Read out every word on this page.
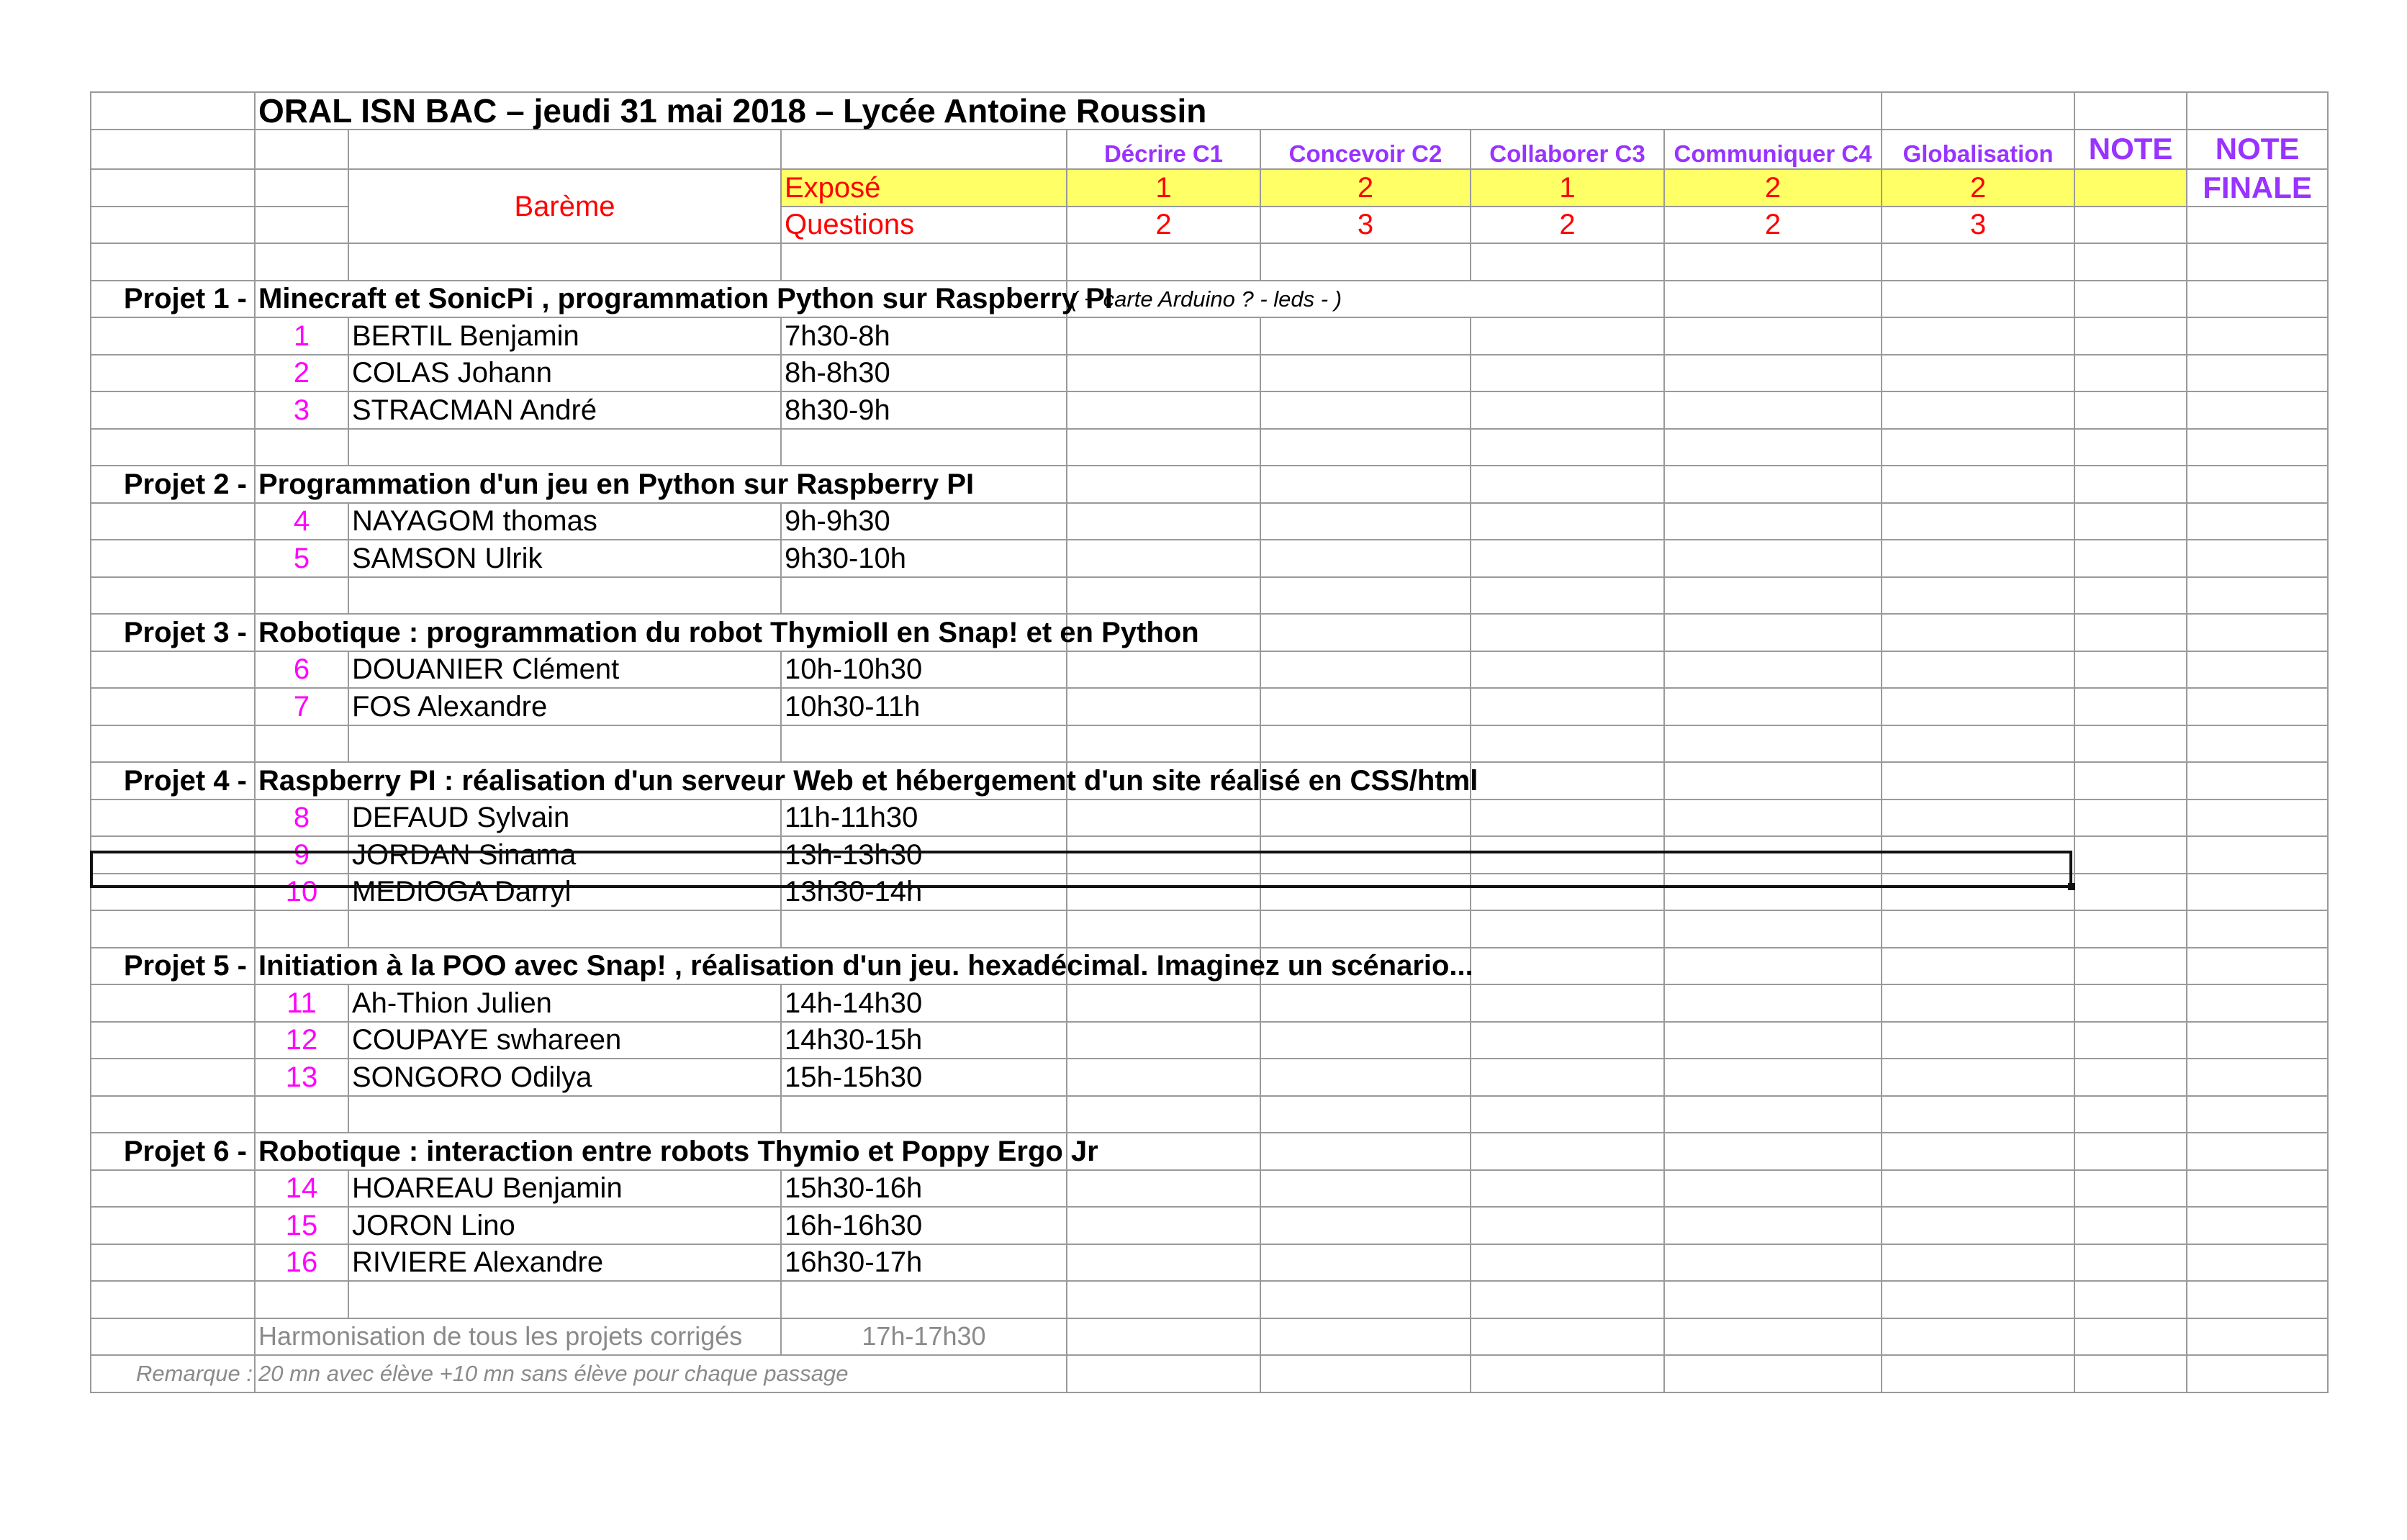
	ORAL ISN BAC – jeudi 31 mai 2018 – Lycée Antoine Roussin									
				Décrire C1	Concevoir C2	Collaborer C3	Communiquer C4	Globalisation	NOTE	NOTE
		Barème	Exposé	1	2	1	2	2		FINALE
			Questions	2	3	2	2	3		

Projet 1 -	Minecraft et SonicPi , programmation Python sur Raspberry PI			( + carte Arduino ? - leds - )						
	1	BERTIL Benjamin	7h30-8h							
	2	COLAS Johann	8h-8h30							
	3	STRACMAN André	8h30-9h							

Projet 2 -	Programmation d'un jeu en Python sur Raspberry PI									
	4	NAYAGOM thomas	9h-9h30							
	5	SAMSON Ulrik	9h30-10h							

Projet 3 -	Robotique : programmation du robot ThymioII en Snap! et en Python									
	6	DOUANIER Clément	10h-10h30							
	7	FOS Alexandre	10h30-11h							

Projet 4 -	Raspberry PI : réalisation d'un serveur Web et hébergement d'un site réalisé en CSS/html									
	8	DEFAUD Sylvain	11h-11h30							
	9	JORDAN Sinama	13h-13h30							
	10	MEDIOGA Darryl	13h30-14h							

Projet 5 -	Initiation à la POO avec Snap! , réalisation d'un jeu. hexadécimal. Imaginez un scénario...									
	11	Ah-Thion Julien	14h-14h30							
	12	COUPAYE swhareen	14h30-15h							
	13	SONGORO Odilya	15h-15h30							

Projet 6 -	Robotique : interaction entre robots Thymio et Poppy Ergo Jr									
	14	HOAREAU Benjamin	15h30-16h							
	15	JORON Lino	16h-16h30							
	16	RIVIERE Alexandre	16h30-17h							

	Harmonisation de tous les projets corrigés		17h-17h30							
Remarque :	20 mn avec élève +10 mn sans élève pour chaque passage									
